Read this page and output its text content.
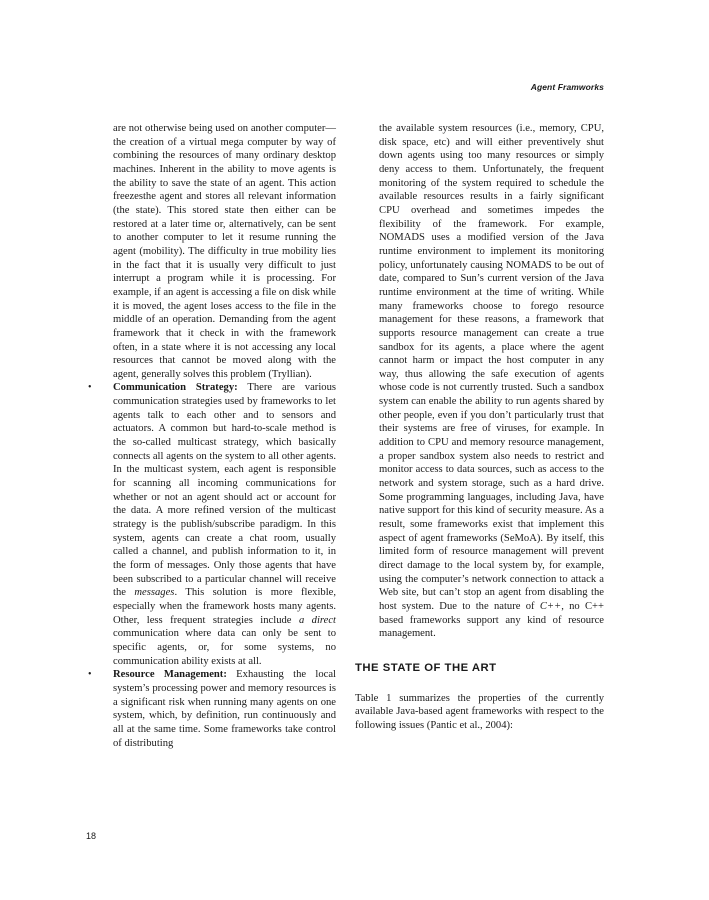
Agent Framworks

are not otherwise being used on another computer—the creation of a virtual mega computer by way of combining the resources of many ordinary desktop machines. Inherent in the ability to move agents is the ability to save the state of an agent. This action freezesthe agent and stores all relevant information (the state). This stored state then either can be restored at a later time or, alternatively, can be sent to another computer to let it resume running the agent (mobility). The difficulty in true mobility lies in the fact that it is usually very difficult to just interrupt a program while it is processing. For example, if an agent is accessing a file on disk while it is moved, the agent loses access to the file in the middle of an operation. Demanding from the agent framework that it check in with the framework often, in a state where it is not accessing any local resources that cannot be moved along with the agent, generally solves this problem (Tryllian).

• Communication Strategy: There are various communication strategies used by frameworks to let agents talk to each other and to sensors and actuators. A common but hard-to-scale method is the so-called multicast strategy, which basically connects all agents on the system to all other agents. In the multicast system, each agent is responsible for scanning all incoming communications for whether or not an agent should act or account for the data. A more refined version of the multicast strategy is the publish/subscribe paradigm. In this system, agents can create a chat room, usually called a channel, and publish information to it, in the form of messages. Only those agents that have been subscribed to a particular channel will receive the messages. This solution is more flexible, especially when the framework hosts many agents. Other, less frequent strategies include a direct communication where data can only be sent to specific agents, or, for some systems, no communication ability exists at all.

• Resource Management: Exhausting the local system’s processing power and memory resources is a significant risk when running many agents on one system, which, by definition, run continuously and all at the same time. Some frameworks take control of distributing

the available system resources (i.e., memory, CPU, disk space, etc) and will either preventively shut down agents using too many resources or simply deny access to them. Unfortunately, the frequent monitoring of the system required to schedule the available resources results in a fairly significant CPU overhead and sometimes impedes the flexibility of the framework. For example, NOMADS uses a modified version of the Java runtime environment to implement its monitoring policy, unfortunately causing NOMADS to be out of date, compared to Sun’s current version of the Java runtime environment at the time of writing. While many frameworks choose to forego resource management for these reasons, a framework that supports resource management can create a true sandbox for its agents, a place where the agent cannot harm or impact the host computer in any way, thus allowing the safe execution of agents whose code is not currently trusted. Such a sandbox system can enable the ability to run agents shared by other people, even if you don’t particularly trust that their systems are free of viruses, for example. In addition to CPU and memory resource management, a proper sandbox system also needs to restrict and monitor access to data sources, such as access to the network and system storage, such as a hard drive. Some programming languages, including Java, have native support for this kind of security measure. As a result, some frameworks exist that implement this aspect of agent frameworks (SeMoA). By itself, this limited form of resource management will prevent direct damage to the local system by, for example, using the computer’s network connection to attack a Web site, but can’t stop an agent from disabling the host system. Due to the nature of C++, no C++ based frameworks support any kind of resource management.

THE STATE OF THE ART

Table 1 summarizes the properties of the currently available Java-based agent frameworks with respect to the following issues (Pantic et al., 2004):

18
